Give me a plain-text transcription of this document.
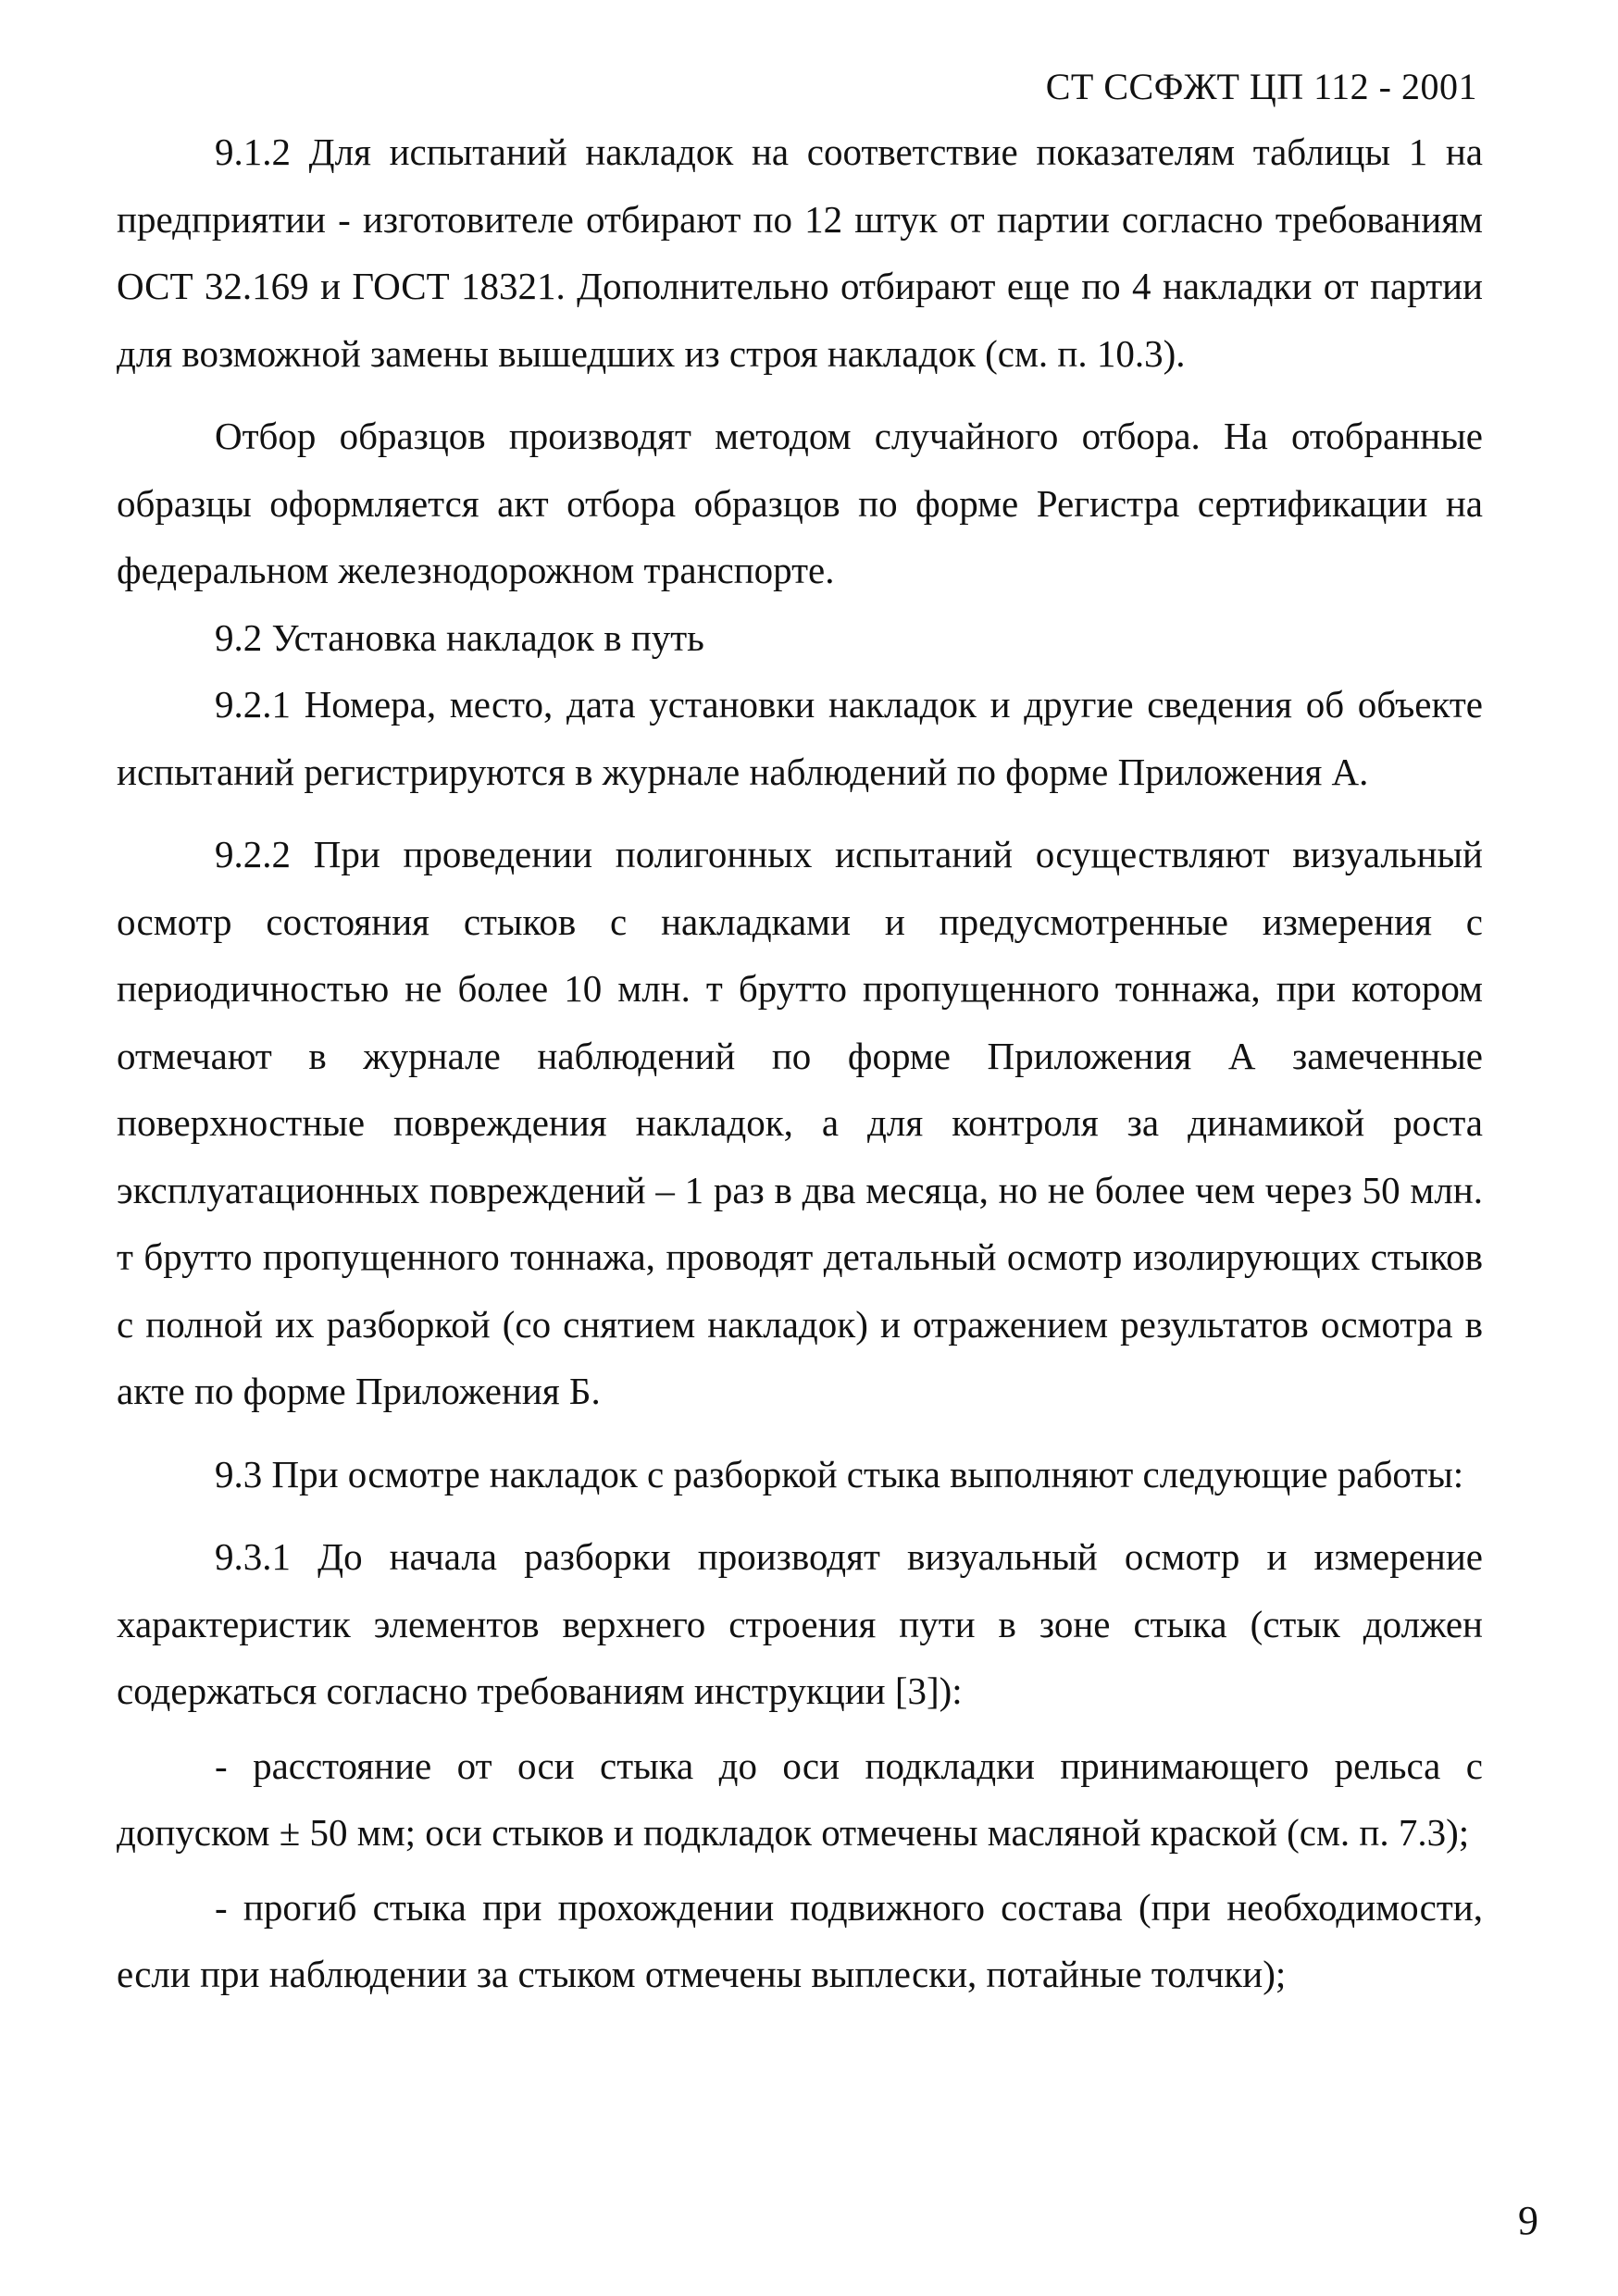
СТ ССФЖТ ЦП 112 - 2001

9.1.2 Для испытаний накладок на соответствие показателям таблицы 1 на предприятии - изготовителе отбирают по 12 штук от партии согласно требованиям ОСТ 32.169 и ГОСТ 18321. Дополнительно отбирают еще по 4 накладки от партии для возможной замены вышедших из строя накладок (см. п. 10.3).

Отбор образцов производят методом случайного отбора. На отобранные образцы оформляется акт отбора образцов по форме Регистра сертификации на федеральном железнодорожном транспорте.

9.2 Установка накладок в путь

9.2.1 Номера, место, дата установки накладок и другие сведения об объекте испытаний регистрируются в журнале наблюдений по форме Приложения А.

9.2.2 При проведении полигонных испытаний осуществляют визуальный осмотр состояния стыков с накладками и предусмотренные измерения с периодичностью не более 10 млн. т брутто пропущенного тоннажа, при котором отмечают в журнале наблюдений по форме Приложения А замеченные поверхностные повреждения накладок, а для контроля за динамикой роста эксплуатационных повреждений – 1 раз в два месяца, но не более чем через 50 млн. т брутто пропущенного тоннажа, проводят детальный осмотр изолирующих стыков с полной их разборкой (со снятием накладок) и отражением результатов осмотра в акте по форме Приложения Б.

9.3 При осмотре накладок с разборкой стыка выполняют следующие работы:

9.3.1 До начала разборки производят визуальный осмотр и измерение характеристик элементов верхнего строения пути в зоне стыка (стык должен содержаться согласно требованиям инструкции [3]):

- расстояние от оси стыка до оси подкладки принимающего рельса с допуском ± 50 мм; оси стыков и подкладок отмечены масляной краской (см. п. 7.3);

- прогиб стыка при прохождении подвижного состава (при необходимости, если при наблюдении за стыком отмечены выплески, потайные толчки);

9
